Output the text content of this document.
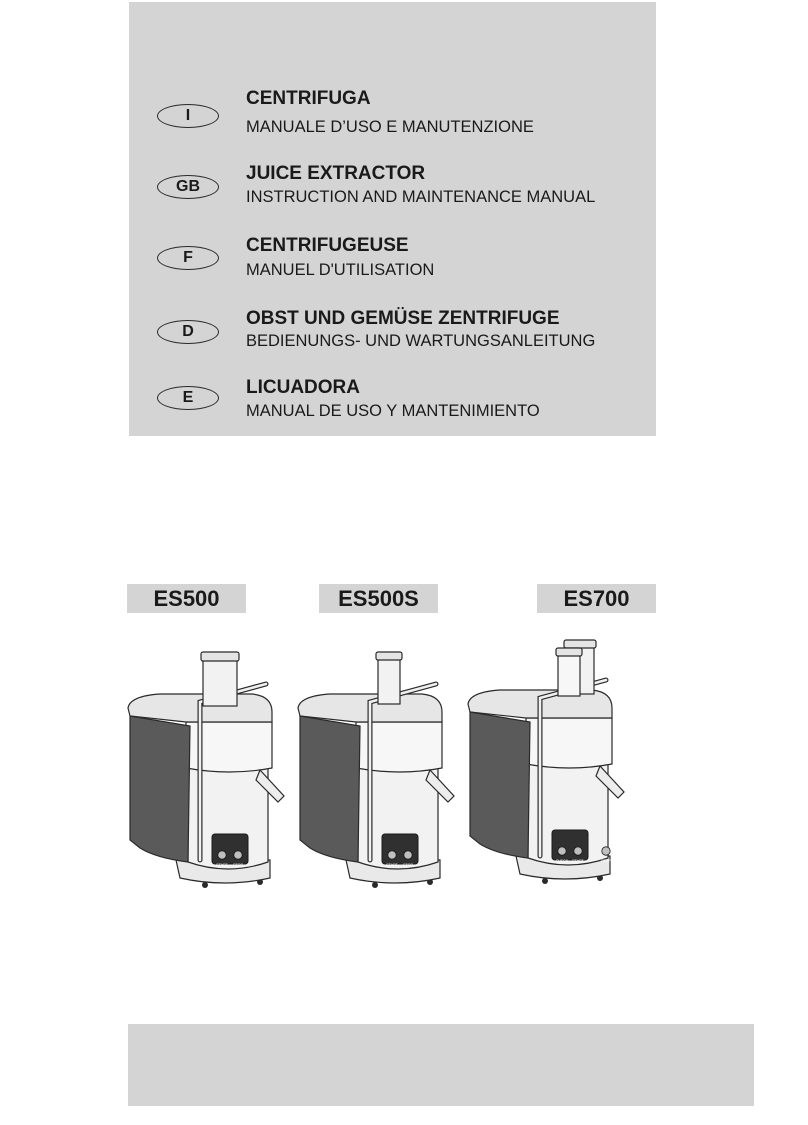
I
CENTRIFUGA
MANUALE D’USO E MANUTENZIONE
GB
JUICE EXTRACTOR
INSTRUCTION AND MAINTENANCE MANUAL
F
CENTRIFUGEUSE
MANUEL D'UTILISATION
D
OBST UND GEMÜSE ZENTRIFUGE
BEDIENUNGS- UND WARTUNGSANLEITUNG
E	LICUADORA
MANUAL DE USO Y MANTENIMIENTO
ES500	ES500S	ES700
START STOP	START STOP
CHECK START	STOP
